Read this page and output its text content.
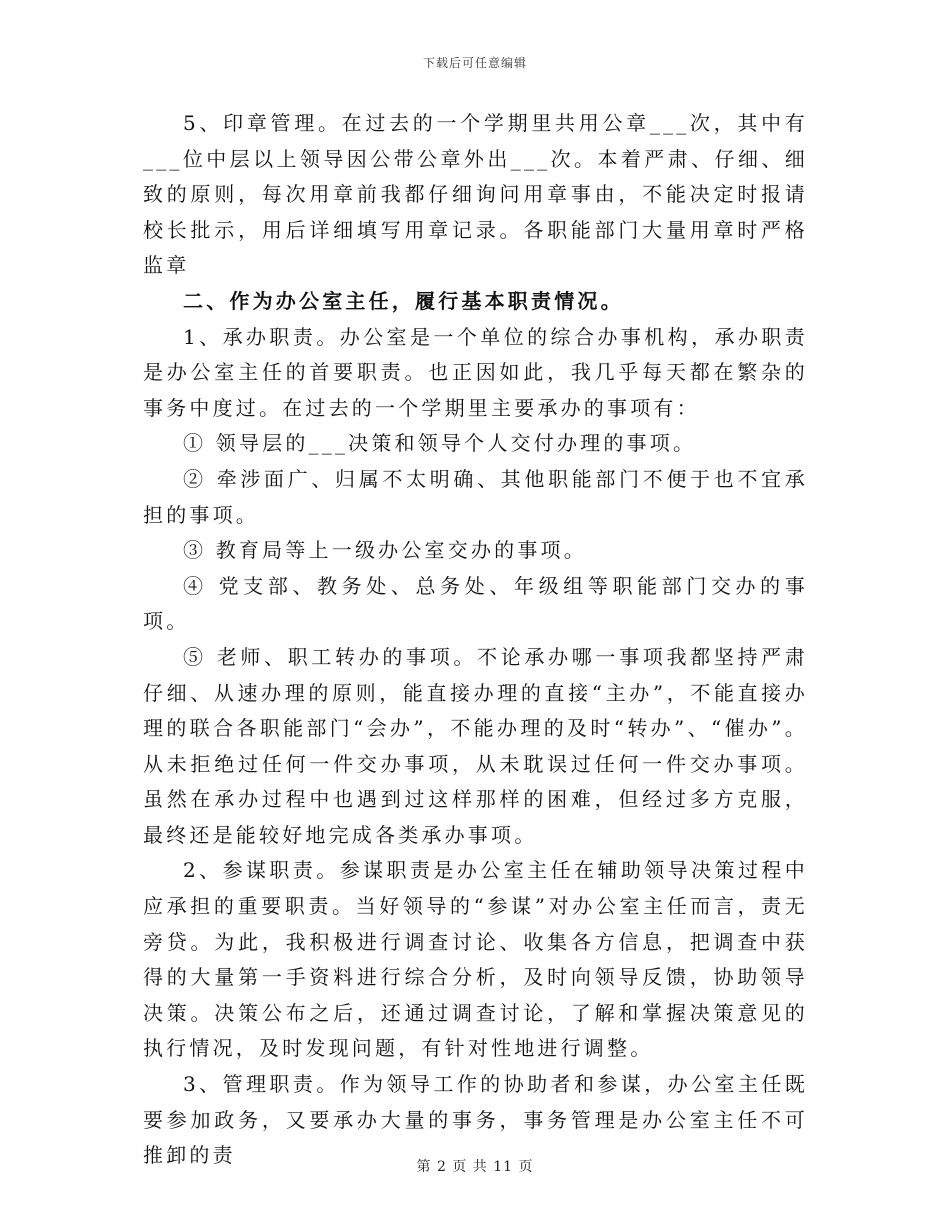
下载后可任意编辑

5、印章管理。在过去的一个学期里共用公章___次，其中有___位中层以上领导因公带公章外出___次。本着严肃、仔细、细致的原则，每次用章前我都仔细询问用章事由，不能决定时报请校长批示，用后详细填写用章记录。各职能部门大量用章时严格监章

二、作为办公室主任，履行基本职责情况。

1、承办职责。办公室是一个单位的综合办事机构，承办职责是办公室主任的首要职责。也正因如此，我几乎每天都在繁杂的事务中度过。在过去的一个学期里主要承办的事项有：

① 领导层的___决策和领导个人交付办理的事项。

② 牵涉面广、归属不太明确、其他职能部门不便于也不宜承担的事项。

③ 教育局等上一级办公室交办的事项。

④ 党支部、教务处、总务处、年级组等职能部门交办的事项。

⑤ 老师、职工转办的事项。不论承办哪一事项我都坚持严肃仔细、从速办理的原则，能直接办理的直接“主办”，不能直接办理的联合各职能部门“会办”，不能办理的及时“转办”、“催办”。从未拒绝过任何一件交办事项，从未耽误过任何一件交办事项。虽然在承办过程中也遇到过这样那样的困难，但经过多方克服，最终还是能较好地完成各类承办事项。

2、参谋职责。参谋职责是办公室主任在辅助领导决策过程中应承担的重要职责。当好领导的“参谋”对办公室主任而言，责无旁贷。为此，我积极进行调查讨论、收集各方信息，把调查中获得的大量第一手资料进行综合分析，及时向领导反馈，协助领导决策。决策公布之后，还通过调查讨论，了解和掌握决策意见的执行情况，及时发现问题，有针对性地进行调整。

3、管理职责。作为领导工作的协助者和参谋，办公室主任既要参加政务，又要承办大量的事务，事务管理是办公室主任不可推卸的责	第 2 页 共 11 页
